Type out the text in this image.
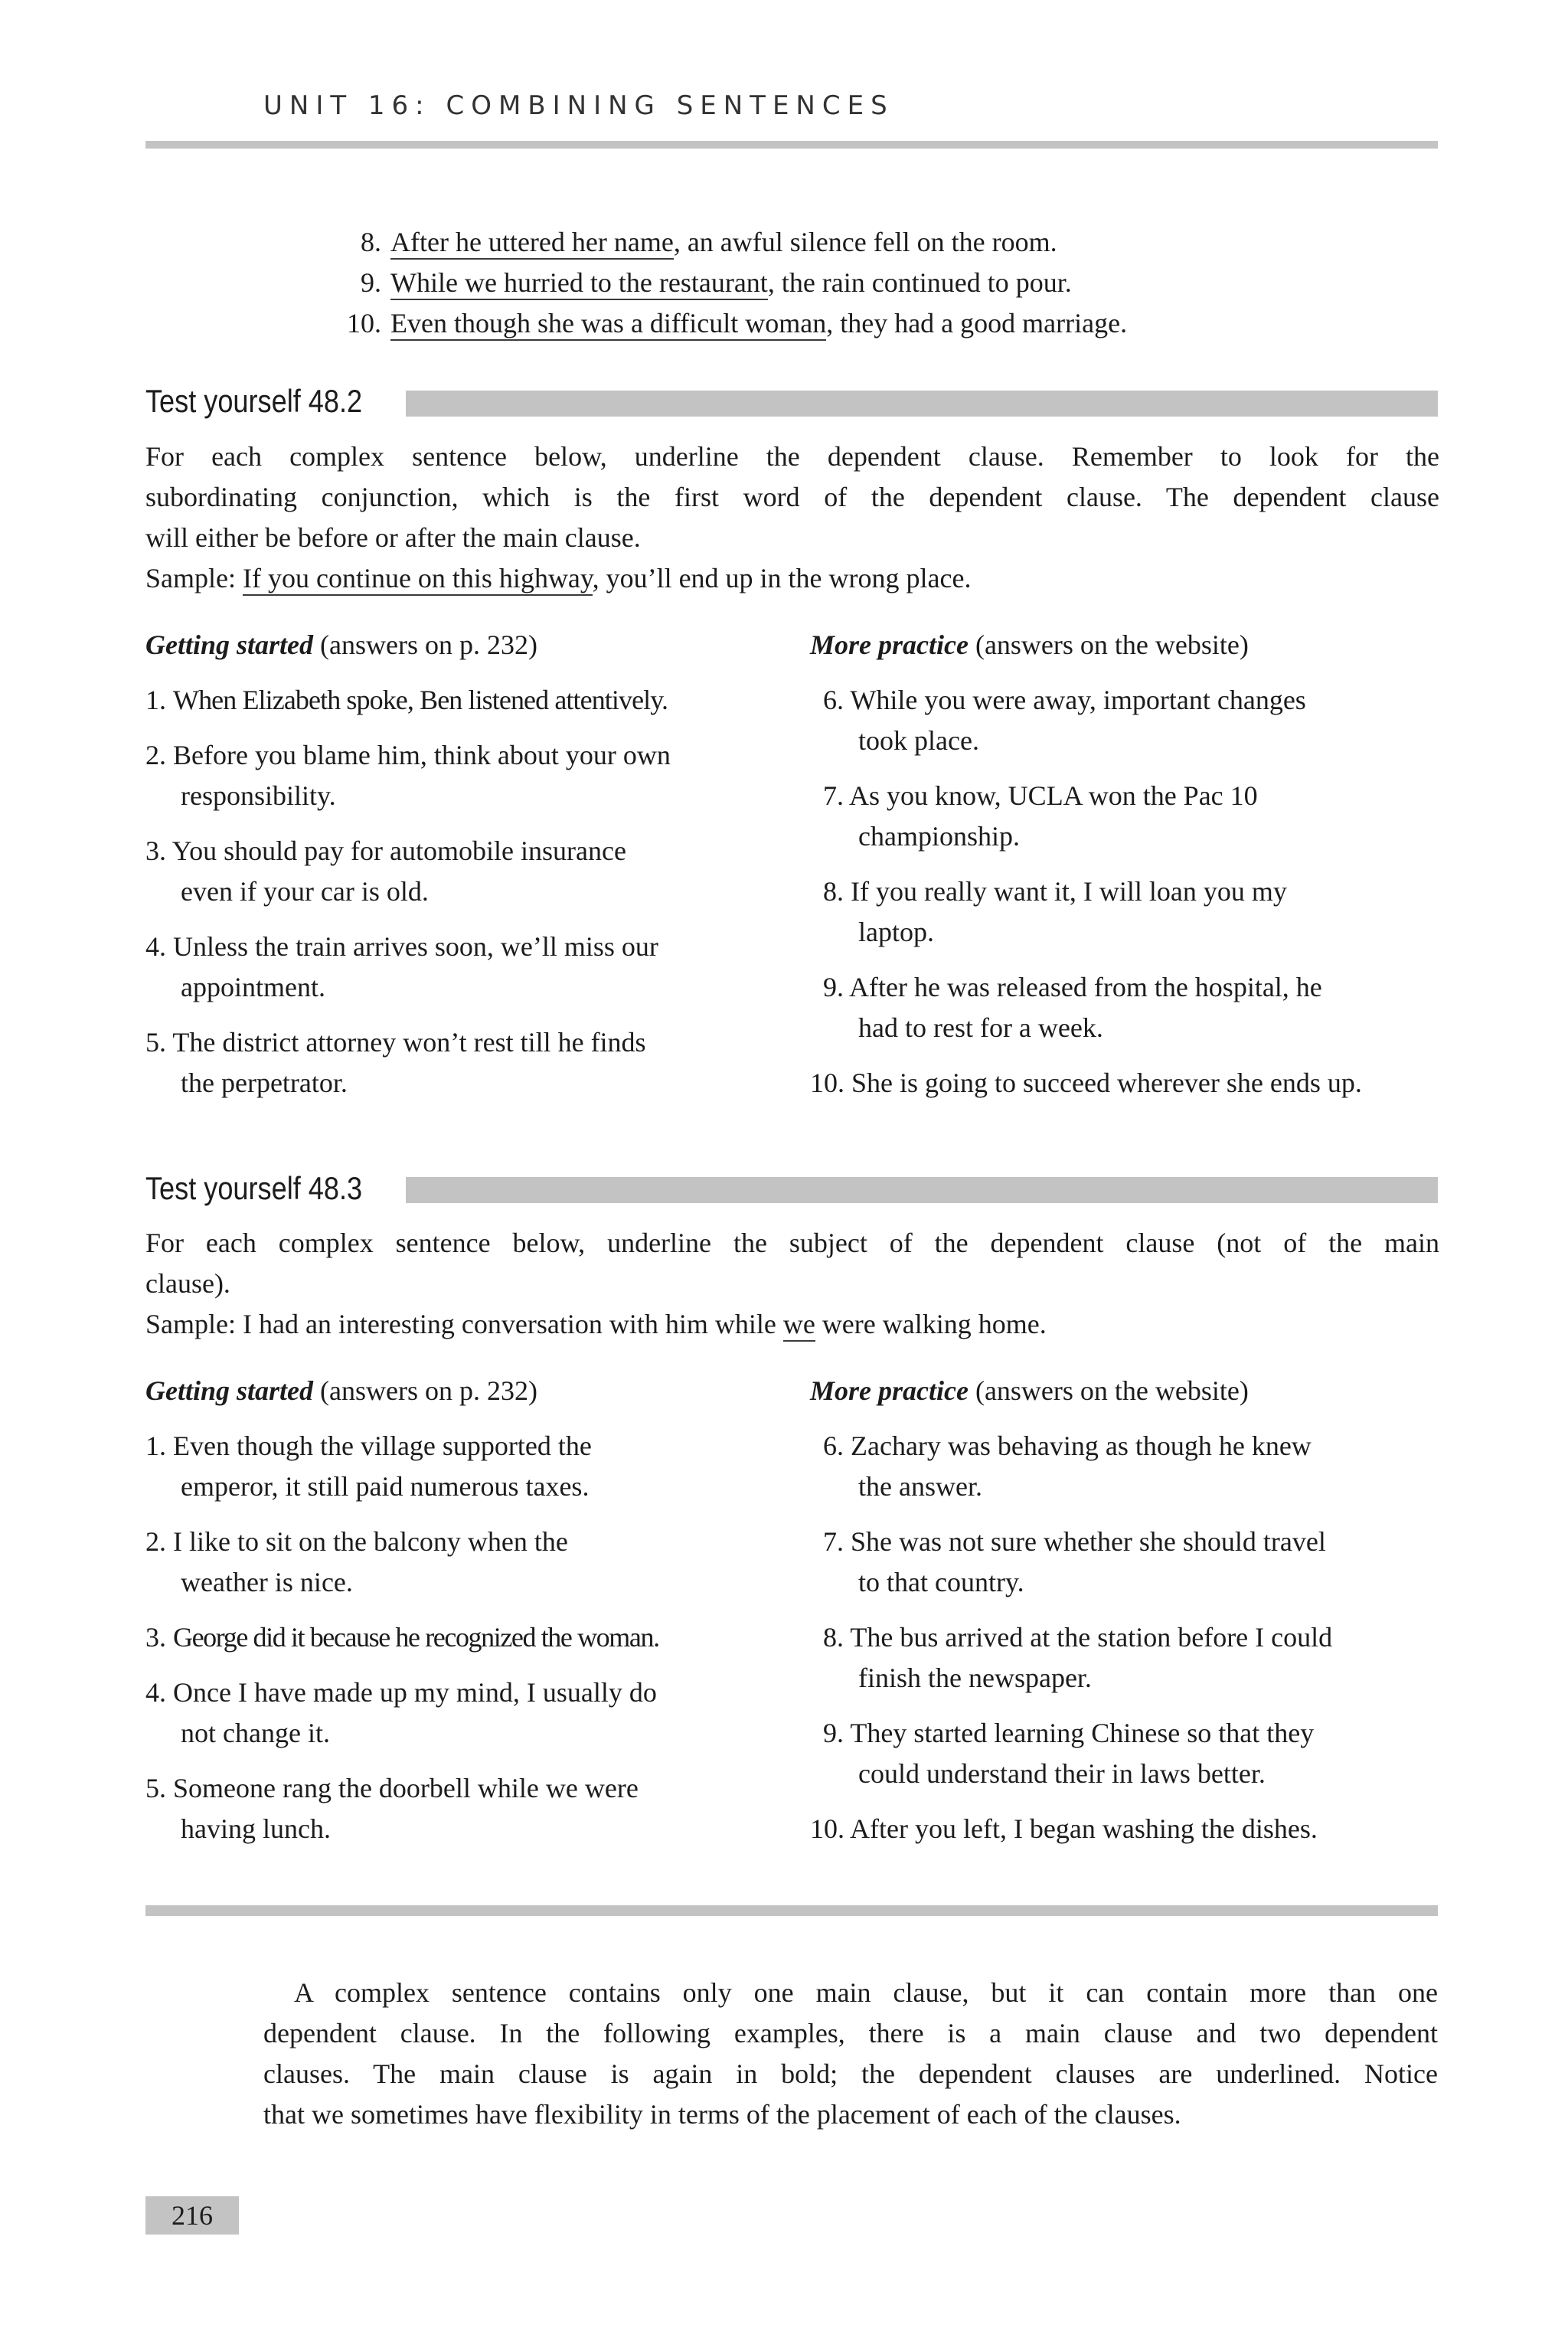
UNIT 16: COMBINING SENTENCES
8. After he uttered her name, an awful silence fell on the room.
9. While we hurried to the restaurant, the rain continued to pour.
10. Even though she was a difficult woman, they had a good marriage.
Test yourself 48.2
For each complex sentence below, underline the dependent clause. Remember to look for the
subordinating conjunction, which is the first word of the dependent clause. The dependent clause
will either be before or after the main clause.
Sample: If you continue on this highway, you’ll end up in the wrong place.
Getting started (answers on p. 232)	More practice (answers on the website)
1. When Elizabeth spoke, Ben listened attentively.
2. Before you blame him, think about your own
responsibility.
3. You should pay for automobile insurance
even if your car is old.
4. Unless the train arrives soon, we’ll miss our
appointment.
5. The district attorney won’t rest till he finds
the perpetrator.
6. While you were away, important changes
took place.
7. As you know, UCLA won the Pac 10
championship.
8. If you really want it, I will loan you my
laptop.
9. After he was released from the hospital, he
had to rest for a week.
10. She is going to succeed wherever she ends up.
Test yourself 48.3
For each complex sentence below, underline the subject of the dependent clause (not of the main
clause).
Sample: I had an interesting conversation with him while we were walking home.
Getting started (answers on p. 232)	More practice (answers on the website)
1. Even though the village supported the
emperor, it still paid numerous taxes.
2. I like to sit on the balcony when the
weather is nice.
3. George did it because he recognized the woman.
4. Once I have made up my mind, I usually do
not change it.
5. Someone rang the doorbell while we were
having lunch.
6. Zachary was behaving as though he knew
the answer.
7. She was not sure whether she should travel
to that country.
8. The bus arrived at the station before I could
finish the newspaper.
9. They started learning Chinese so that they
could understand their in laws better.
10. After you left, I began washing the dishes.
A complex sentence contains only one main clause, but it can contain more than one
dependent clause. In the following examples, there is a main clause and two dependent
clauses. The main clause is again in bold; the dependent clauses are underlined. Notice
that we sometimes have flexibility in terms of the placement of each of the clauses.
216
